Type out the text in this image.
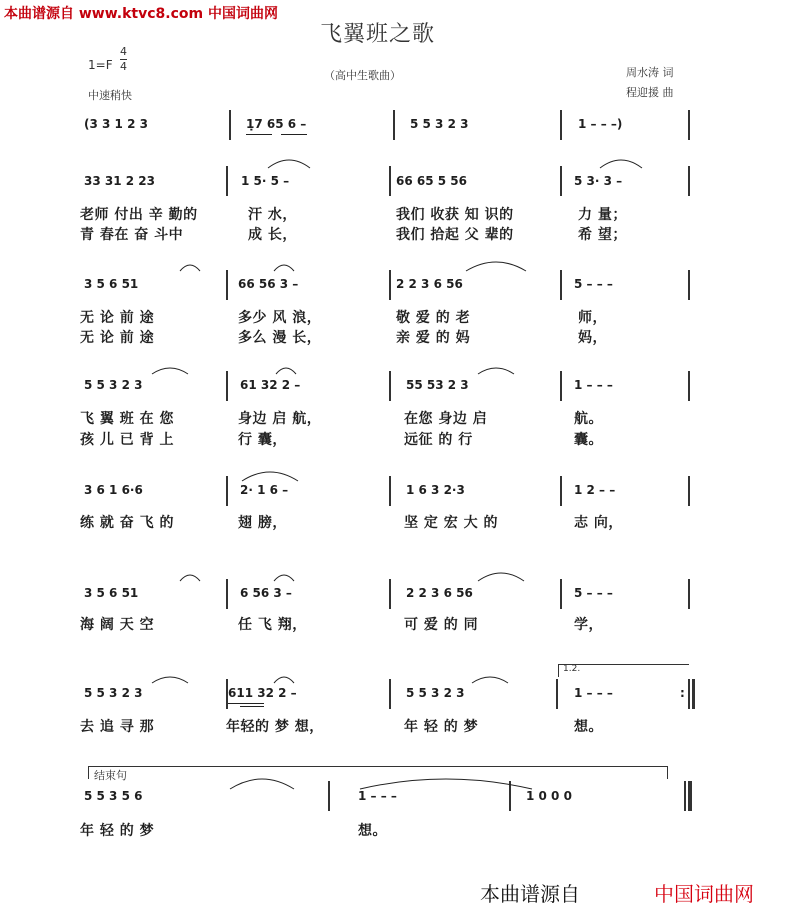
本曲谱源自 www.ktvc8.com 中国词曲网
飞翼班之歌
1=F
4
4
（高中生歌曲）	周水涛 词
中速稍快	程迎援 曲
(3 3 1 2 3	1̣7 65 6 –	5 5 3 2 3	1 – – –)
33 31 2 23	1 5· 5 –	66 65 5 56	5 3· 3 –
老师 付出 辛 勤的	汗 水，	我们 收获 知 识的	力 量；
青 春在 奋 斗中	成 长，	我们 拾起 父 辈的	希 望；
3 5 6 51	66 56 3 –	2 2 3 6 56	5 – – –
无 论 前 途	多少 风 浪，	敬 爱 的 老	师，
无 论 前 途	多么 漫 长，	亲 爱 的 妈	妈，
5 5 3 2 3	61 32 2 –	55 53 2 3	1 – – –
飞 翼 班 在 您	身边 启 航，	在您 身边 启	航。
孩 儿 已 背 上	行 囊，	远征 的 行	囊。
3 6 1 6·6	2· 1 6 –	1 6 3 2·3	1 2 – –
练 就 奋 飞 的	翅 膀，	坚 定 宏 大 的	志 向，
3 5 6 51	6 56 3 –	2 2 3 6 56	5 – – –
海 阔 天 空	任 飞 翔，	可 爱 的 同	学，
1.2.
5 5 3 2 3	611 32 2 –	5 5 3 2 3	1 – – –	:
去 追 寻 那	年轻的 梦 想，	年 轻 的 梦	想。
结束句
5 5 3 5 6	1 – – –	1 0 0 0
年 轻 的 梦	想。
本曲谱源自	中国词曲网
